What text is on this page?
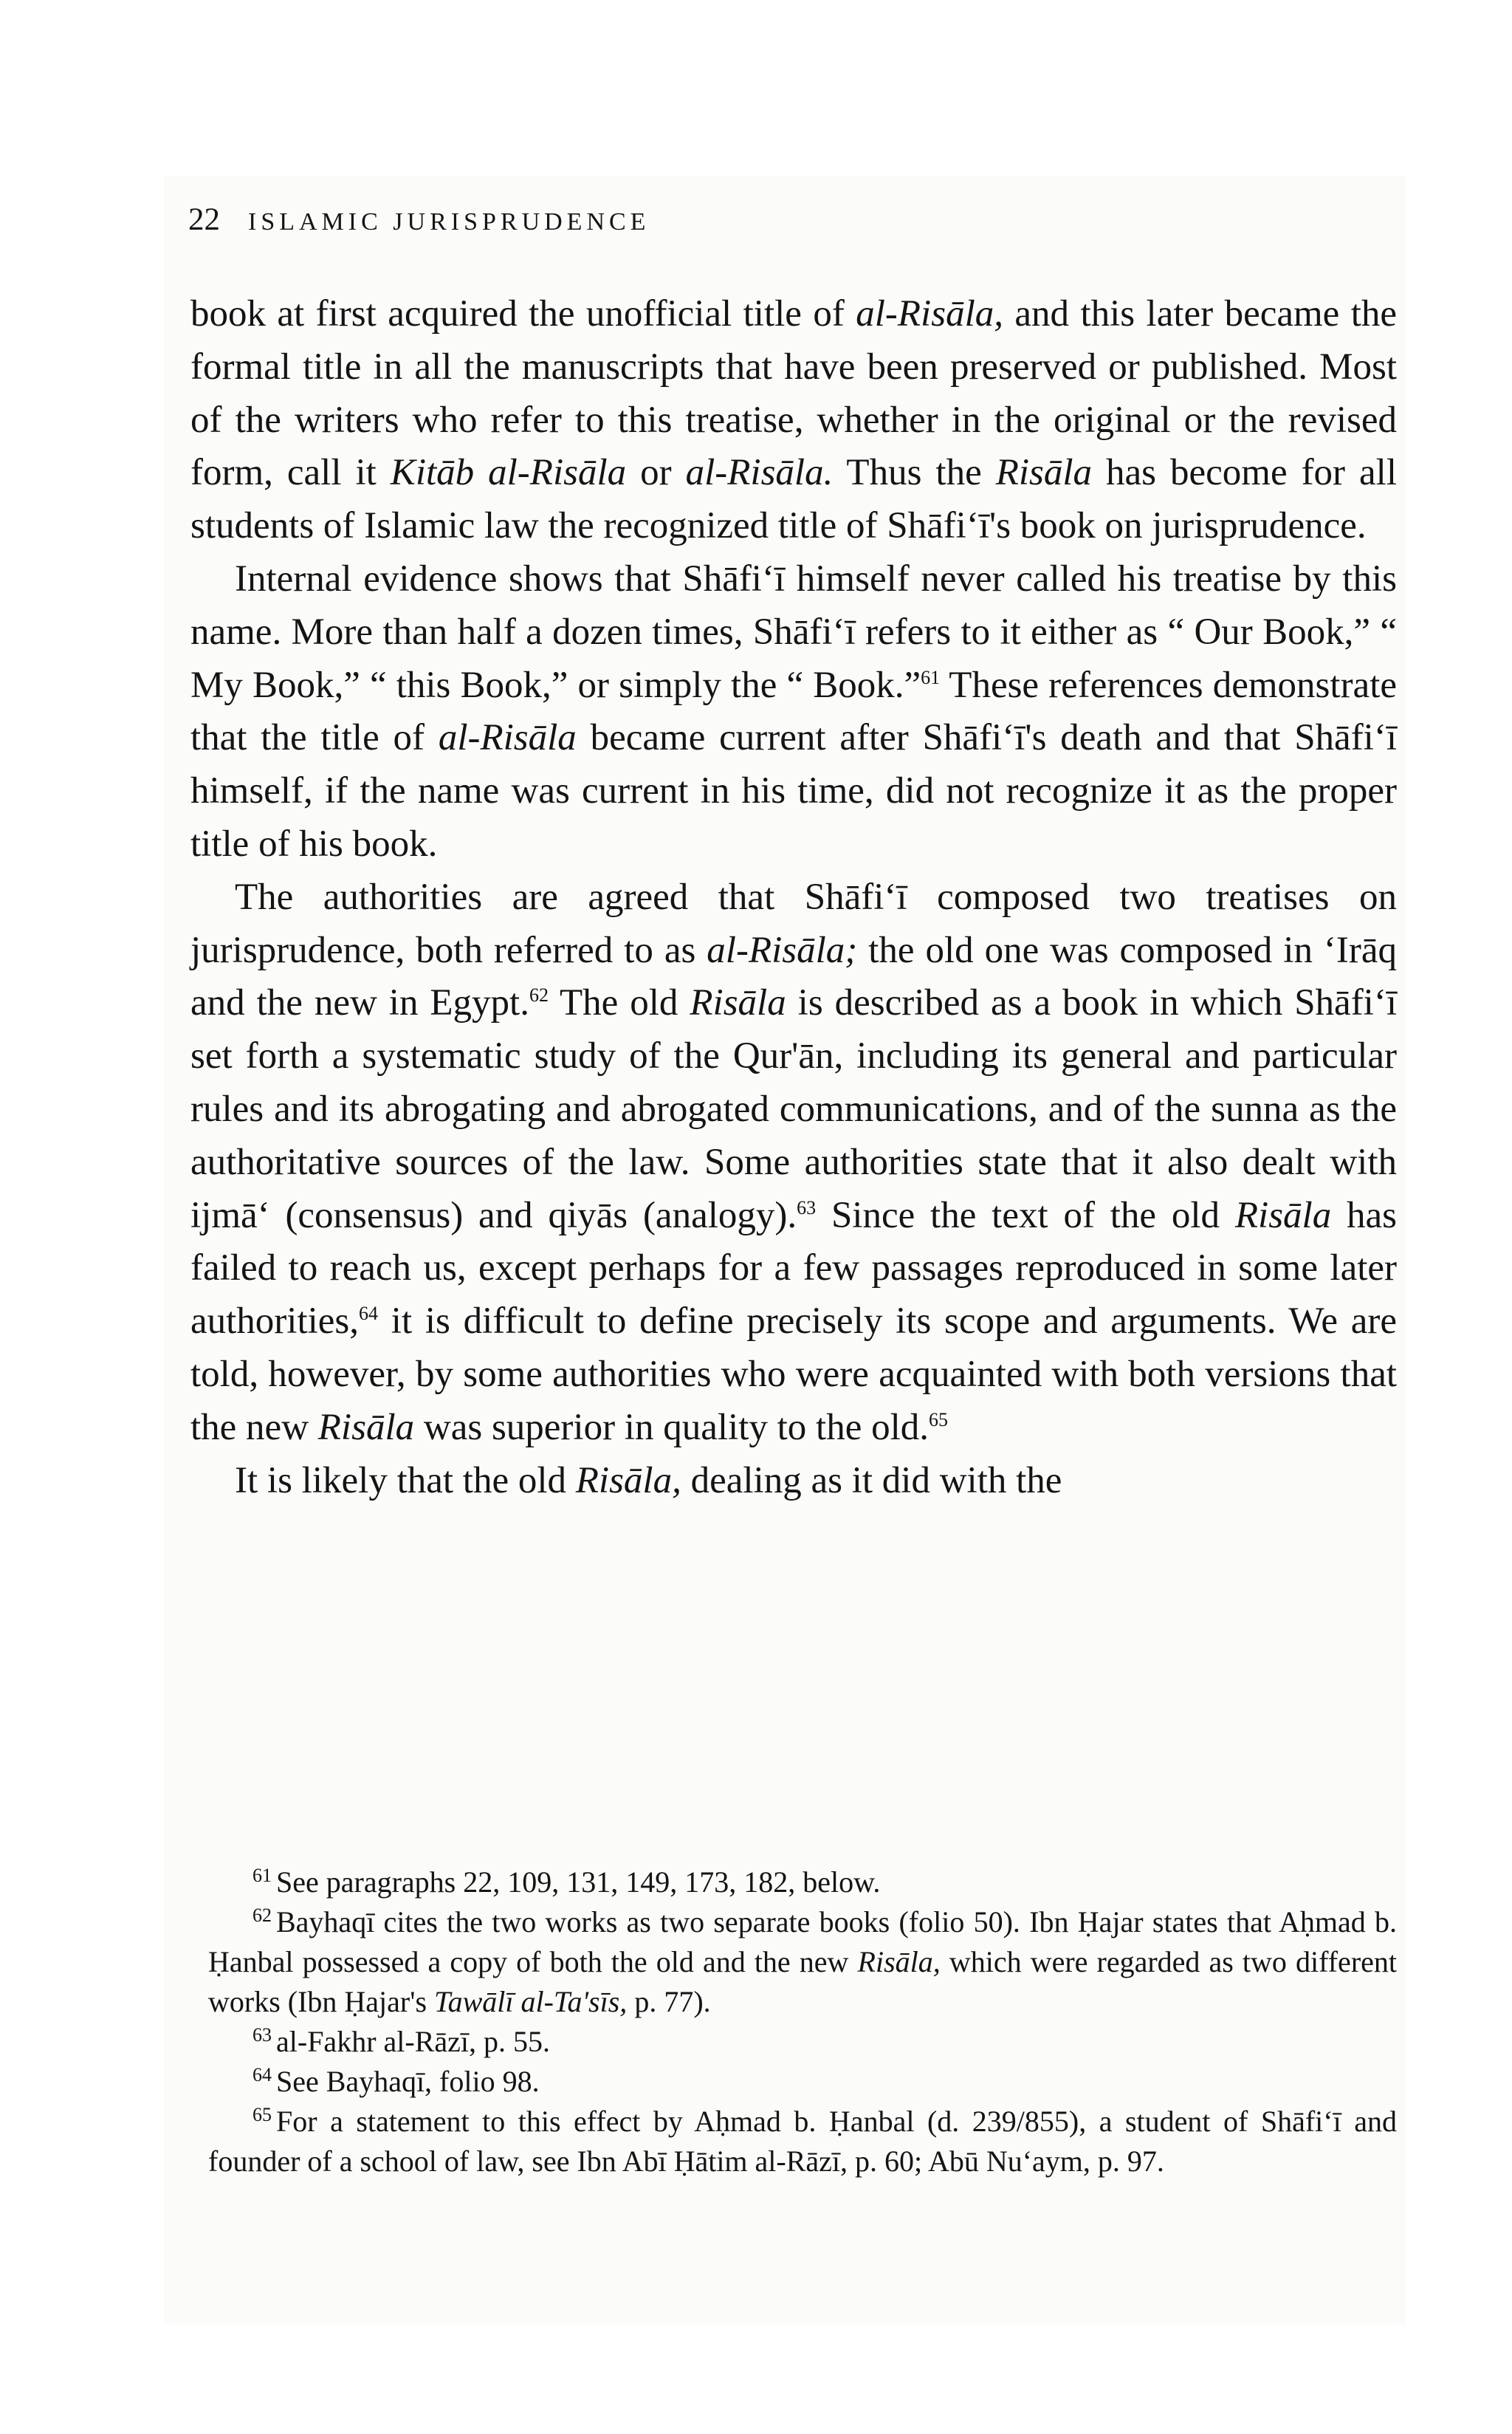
22 ISLAMIC JURISPRUDENCE

book at first acquired the unofficial title of al-Risāla, and this later became the formal title in all the manuscripts that have been preserved or published. Most of the writers who refer to this treatise, whether in the original or the revised form, call it Kitāb al-Risāla or al-Risāla. Thus the Risāla has become for all students of Islamic law the recognized title of Shāfi‘ī's book on jurisprudence.

Internal evidence shows that Shāfi‘ī himself never called his treatise by this name. More than half a dozen times, Shāfi‘ī refers to it either as “ Our Book,” “ My Book,” “ this Book,” or simply the “ Book.”$^{61}$ These references demonstrate that the title of al-Risāla became current after Shāfi‘ī's death and that Shāfi‘ī himself, if the name was current in his time, did not recognize it as the proper title of his book.

The authorities are agreed that Shāfi‘ī composed two treatises on jurisprudence, both referred to as al-Risāla; the old one was composed in ‘Irāq and the new in Egypt.$^{62}$ The old Risāla is described as a book in which Shāfi‘ī set forth a systematic study of the Qur'ān, including its general and particular rules and its abrogating and abrogated communications, and of the sunna as the authoritative sources of the law. Some authorities state that it also dealt with ijmā‘ (consensus) and qiyās (analogy).$^{63}$ Since the text of the old Risāla has failed to reach us, except perhaps for a few passages reproduced in some later authorities,$^{64}$ it is difficult to define precisely its scope and arguments. We are told, however, by some authorities who were acquainted with both versions that the new Risāla was superior in quality to the old.$^{65}$

It is likely that the old Risāla, dealing as it did with the

$^{61}$ See paragraphs 22, 109, 131, 149, 173, 182, below.

$^{62}$ Bayhaqī cites the two works as two separate books (folio 50). Ibn Ḥajar states that Aḥmad b. Ḥanbal possessed a copy of both the old and the new Risāla, which were regarded as two different works (Ibn Ḥajar's Tawālī al-Ta'sīs, p. 77).

$^{63}$ al-Fakhr al-Rāzī, p. 55.

$^{64}$ See Bayhaqī, folio 98.

$^{65}$ For a statement to this effect by Aḥmad b. Ḥanbal (d. 239/855), a student of Shāfi‘ī and founder of a school of law, see Ibn Abī Ḥātim al-Rāzī, p. 60; Abū Nu‘aym, p. 97.
